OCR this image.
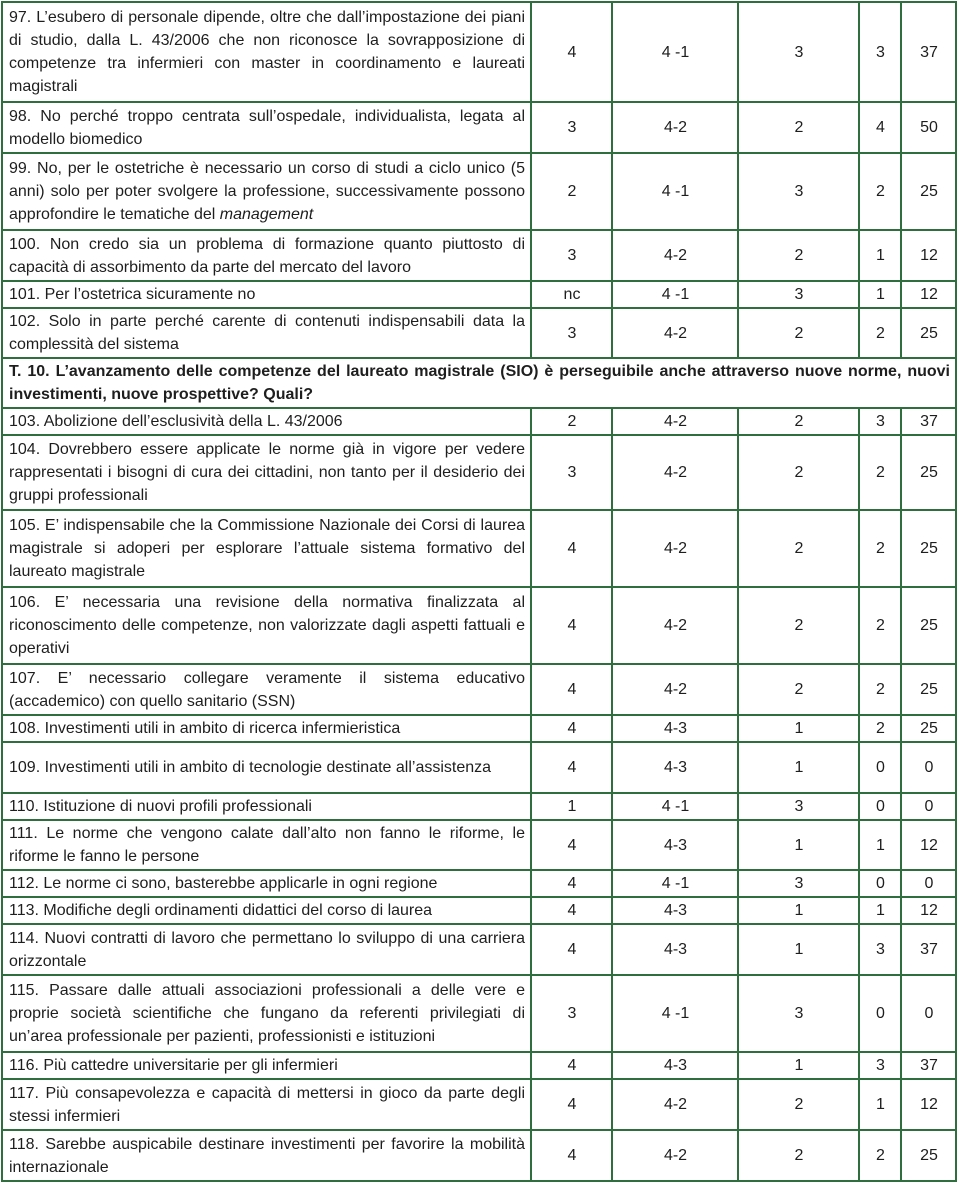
97. L’esubero di personale dipende, oltre che dall’impostazione dei piani di studio, dalla L. 43/2006 che non riconosce la sovrapposizione di competenze tra infermieri con master in coordinamento e laureati magistrali	4	4 -1	3	3	37
98. No perché troppo centrata sull’ospedale, individualista, legata al modello biomedico	3	4-2	2	4	50
99. No, per le ostetriche è necessario un corso di studi a ciclo unico (5 anni) solo per poter svolgere la professione, successivamente possono approfondire le tematiche del management	2	4 -1	3	2	25
100. Non credo sia un problema di formazione quanto piuttosto di capacità di assorbimento da parte del mercato del lavoro	3	4-2	2	1	12
101. Per l’ostetrica sicuramente no	nc	4 -1	3	1	12
102. Solo in parte perché carente di contenuti indispensabili data la complessità del sistema	3	4-2	2	2	25
T. 10. L’avanzamento delle competenze del laureato magistrale (SIO) è perseguibile anche attraverso nuove norme, nuovi investimenti, nuove prospettive? Quali?					
103. Abolizione dell’esclusività della L. 43/2006	2	4-2	2	3	37
104. Dovrebbero essere applicate le norme già in vigore per vedere rappresentati i bisogni di cura dei cittadini, non tanto per il desiderio dei gruppi professionali	3	4-2	2	2	25
105. E’ indispensabile che la Commissione Nazionale dei Corsi di laurea magistrale si adoperi per esplorare l’attuale sistema formativo del laureato magistrale	4	4-2	2	2	25
106. E’ necessaria una revisione della normativa finalizzata al riconoscimento delle competenze, non valorizzate dagli aspetti fattuali e operativi	4	4-2	2	2	25
107. E’ necessario collegare veramente il sistema educativo (accademico) con quello sanitario (SSN)	4	4-2	2	2	25
108. Investimenti utili in ambito di ricerca infermieristica	4	4-3	1	2	25
109. Investimenti utili in ambito di tecnologie destinate all’assistenza	4	4-3	1	0	0
110. Istituzione di nuovi profili professionali	1	4 -1	3	0	0
111. Le norme che vengono calate dall’alto non fanno le riforme, le riforme le fanno le persone	4	4-3	1	1	12
112. Le norme ci sono, basterebbe applicarle in ogni regione	4	4 -1	3	0	0
113. Modifiche degli ordinamenti didattici del corso di laurea	4	4-3	1	1	12
114. Nuovi contratti di lavoro che permettano lo sviluppo di una carriera orizzontale	4	4-3	1	3	37
115. Passare dalle attuali associazioni professionali a delle vere e proprie società scientifiche che fungano da referenti privilegiati di un’area professionale per pazienti, professionisti e istituzioni	3	4 -1	3	0	0
116. Più cattedre universitarie per gli infermieri	4	4-3	1	3	37
117. Più consapevolezza e capacità di mettersi in gioco da parte degli stessi infermieri	4	4-2	2	1	12
118. Sarebbe auspicabile destinare investimenti per favorire la mobilità internazionale	4	4-2	2	2	25
